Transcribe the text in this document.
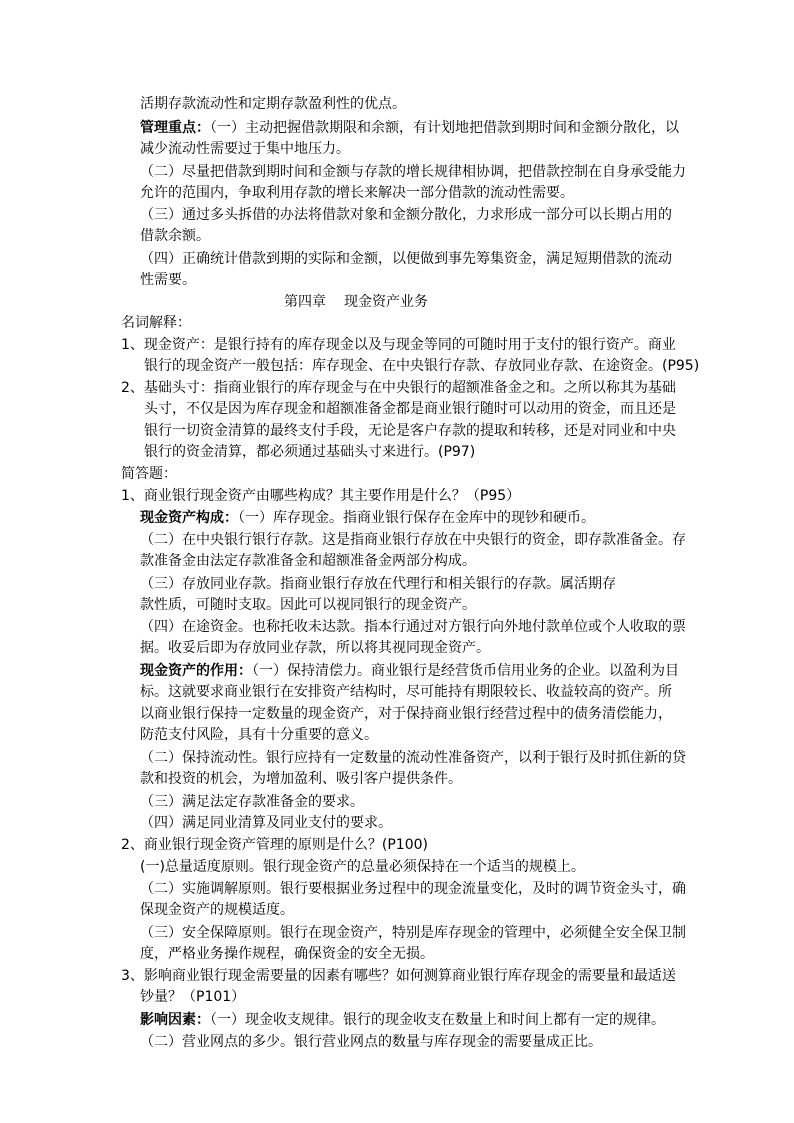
活期存款流动性和定期存款盈利性的优点。
管理重点：（一）主动把握借款期限和余额，有计划地把借款到期时间和金额分散化，以
减少流动性需要过于集中地压力。
（二）尽量把借款到期时间和金额与存款的增长规律相协调，把借款控制在自身承受能力
允许的范围内，争取利用存款的增长来解决一部分借款的流动性需要。
（三）通过多头拆借的办法将借款对象和金额分散化，力求形成一部分可以长期占用的
借款余额。
（四）正确统计借款到期的实际和金额，以便做到事先筹集资金，满足短期借款的流动
性需要。
第四章 现金资产业务
名词解释：
1、现金资产：是银行持有的库存现金以及与现金等同的可随时用于支付的银行资产。商业
银行的现金资产一般包括：库存现金、在中央银行存款、存放同业存款、在途资金。(P95)
2、基础头寸：指商业银行的库存现金与在中央银行的超额准备金之和。之所以称其为基础
头寸，不仅是因为库存现金和超额准备金都是商业银行随时可以动用的资金，而且还是
银行一切资金清算的最终支付手段，无论是客户存款的提取和转移，还是对同业和中央
银行的资金清算，都必须通过基础头寸来进行。(P97)
简答题：
1、商业银行现金资产由哪些构成？其主要作用是什么？（P95）
现金资产构成：（一）库存现金。指商业银行保存在金库中的现钞和硬币。
（二）在中央银行银行存款。这是指商业银行存放在中央银行的资金，即存款准备金。存
款准备金由法定存款准备金和超额准备金两部分构成。
（三）存放同业存款。指商业银行存放在代理行和相关银行的存款。属活期存
款性质，可随时支取。因此可以视同银行的现金资产。
（四）在途资金。也称托收未达款。指本行通过对方银行向外地付款单位或个人收取的票
据。收妥后即为存放同业存款，所以将其视同现金资产。
现金资产的作用：（一）保持清偿力。商业银行是经营货币信用业务的企业。以盈利为目
标。这就要求商业银行在安排资产结构时，尽可能持有期限较长、收益较高的资产。所
以商业银行保持一定数量的现金资产，对于保持商业银行经营过程中的债务清偿能力，
防范支付风险，具有十分重要的意义。
（二）保持流动性。银行应持有一定数量的流动性准备资产，以利于银行及时抓住新的贷
款和投资的机会，为增加盈利、吸引客户提供条件。
（三）满足法定存款准备金的要求。
（四）满足同业清算及同业支付的要求。
2、商业银行现金资产管理的原则是什么？(P100)
(一)总量适度原则。银行现金资产的总量必须保持在一个适当的规模上。
（二）实施调解原则。银行要根据业务过程中的现金流量变化，及时的调节资金头寸，确
保现金资产的规模适度。
（三）安全保障原则。银行在现金资产，特别是库存现金的管理中，必须健全安全保卫制
度，严格业务操作规程，确保资金的安全无损。
3、影响商业银行现金需要量的因素有哪些？如何测算商业银行库存现金的需要量和最适送
钞量？（P101）
影响因素：（一）现金收支规律。银行的现金收支在数量上和时间上都有一定的规律。
（二）营业网点的多少。银行营业网点的数量与库存现金的需要量成正比。
